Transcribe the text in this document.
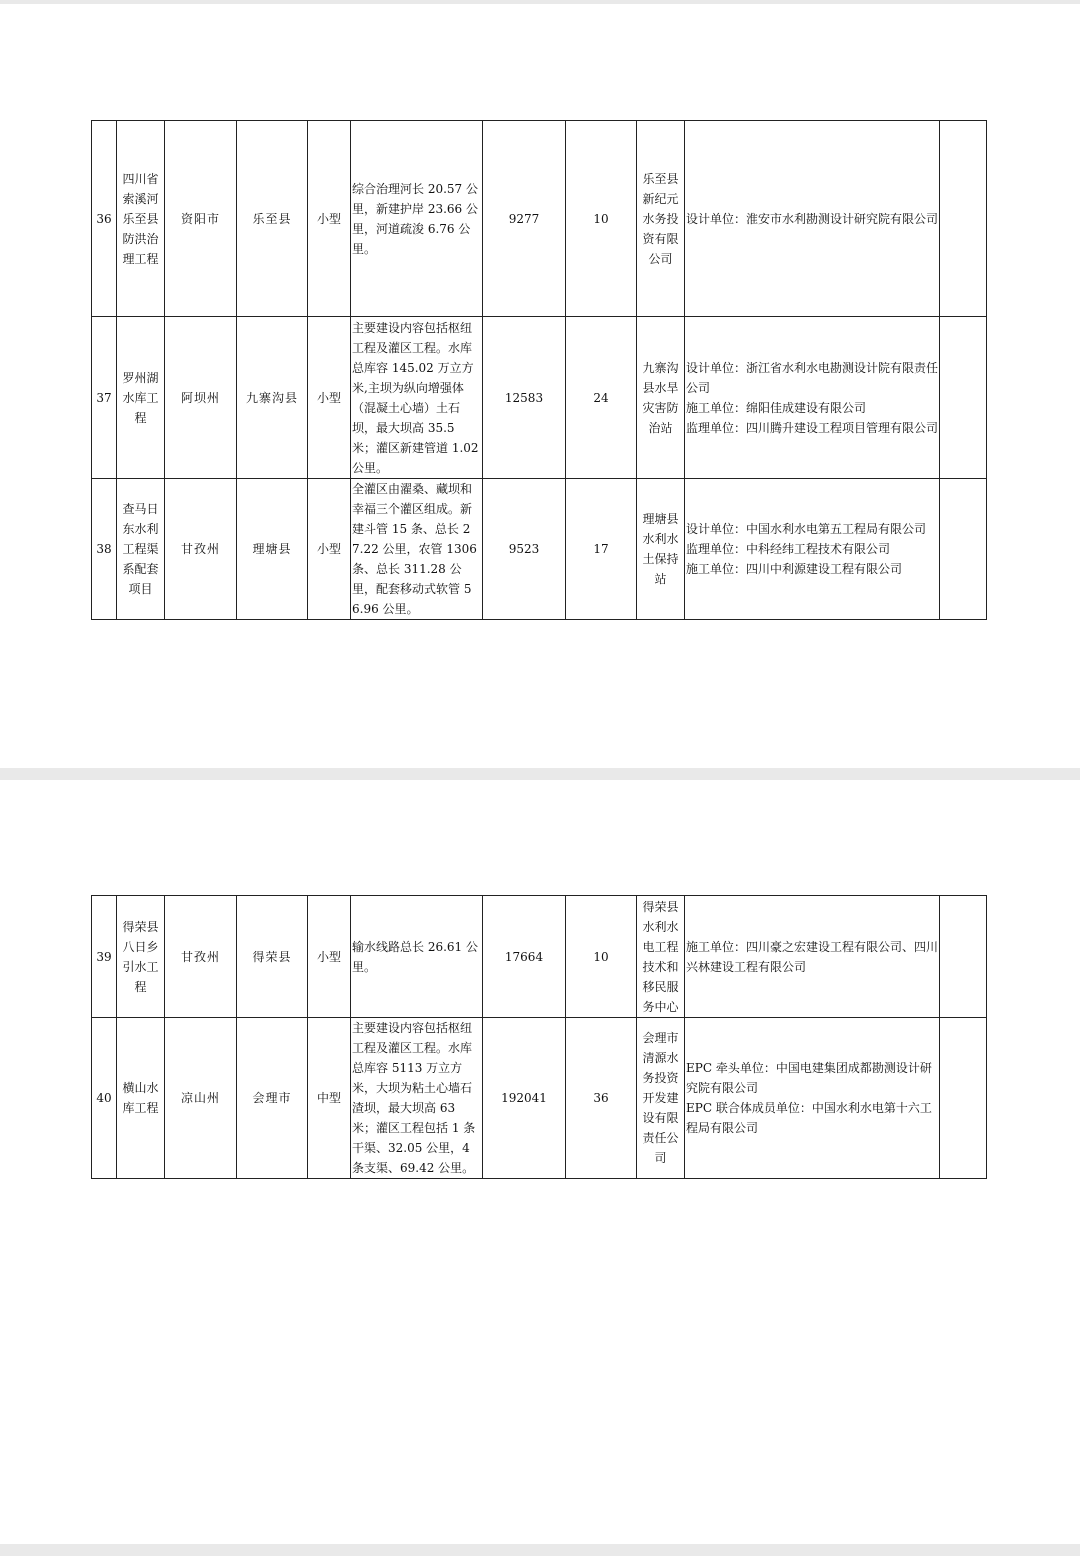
36	四川省索溪河乐至县防洪治理工程	资阳市	乐至县	小型	综合治理河长 20.57 公里，新建护岸 23.66 公里，河道疏浚 6.76 公里。	9277	10	乐至县新纪元水务投资有限公司	设计单位：淮安市水利勘测设计研究院有限公司	

37	罗州湖水库工程	阿坝州	九寨沟县	小型	主要建设内容包括枢纽工程及灌区工程。水库总库容 145.02 万立方米,主坝为纵向增强体（混凝土心墙）土石坝，最大坝高 35.5 米；灌区新建管道 1.02 公里。	12583	24	九寨沟县水旱灾害防治站	设计单位：浙江省水利水电勘测设计院有限责任公司
施工单位：绵阳佳成建设有限公司
监理单位：四川腾升建设工程项目管理有限公司	

38	查马日东水利工程渠系配套项目	甘孜州	理塘县	小型	全灌区由濯桑、藏坝和幸福三个灌区组成。新建斗管 15 条、总长 27.22 公里，农管 1306 条、总长 311.28 公里，配套移动式软管 56.96 公里。	9523	17	理塘县水利水土保持站	设计单位：中国水利水电第五工程局有限公司
监理单位：中科经纬工程技术有限公司
施工单位：四川中利源建设工程有限公司	

39	得荣县八日乡引水工程	甘孜州	得荣县	小型	输水线路总长 26.61 公里。	17664	10	得荣县水利水电工程技术和移民服务中心	施工单位：四川豪之宏建设工程有限公司、四川兴林建设工程有限公司	

40	横山水库工程	凉山州	会理市	中型	主要建设内容包括枢纽工程及灌区工程。水库总库容 5113 万立方米，大坝为粘土心墙石渣坝，最大坝高 63 米；灌区工程包括 1 条干渠、32.05 公里，4 条支渠、69.42 公里。	192041	36	会理市清源水务投资开发建设有限责任公司	EPC 牵头单位：中国电建集团成都勘测设计研究院有限公司
EPC 联合体成员单位：中国水利水电第十六工程局有限公司	
